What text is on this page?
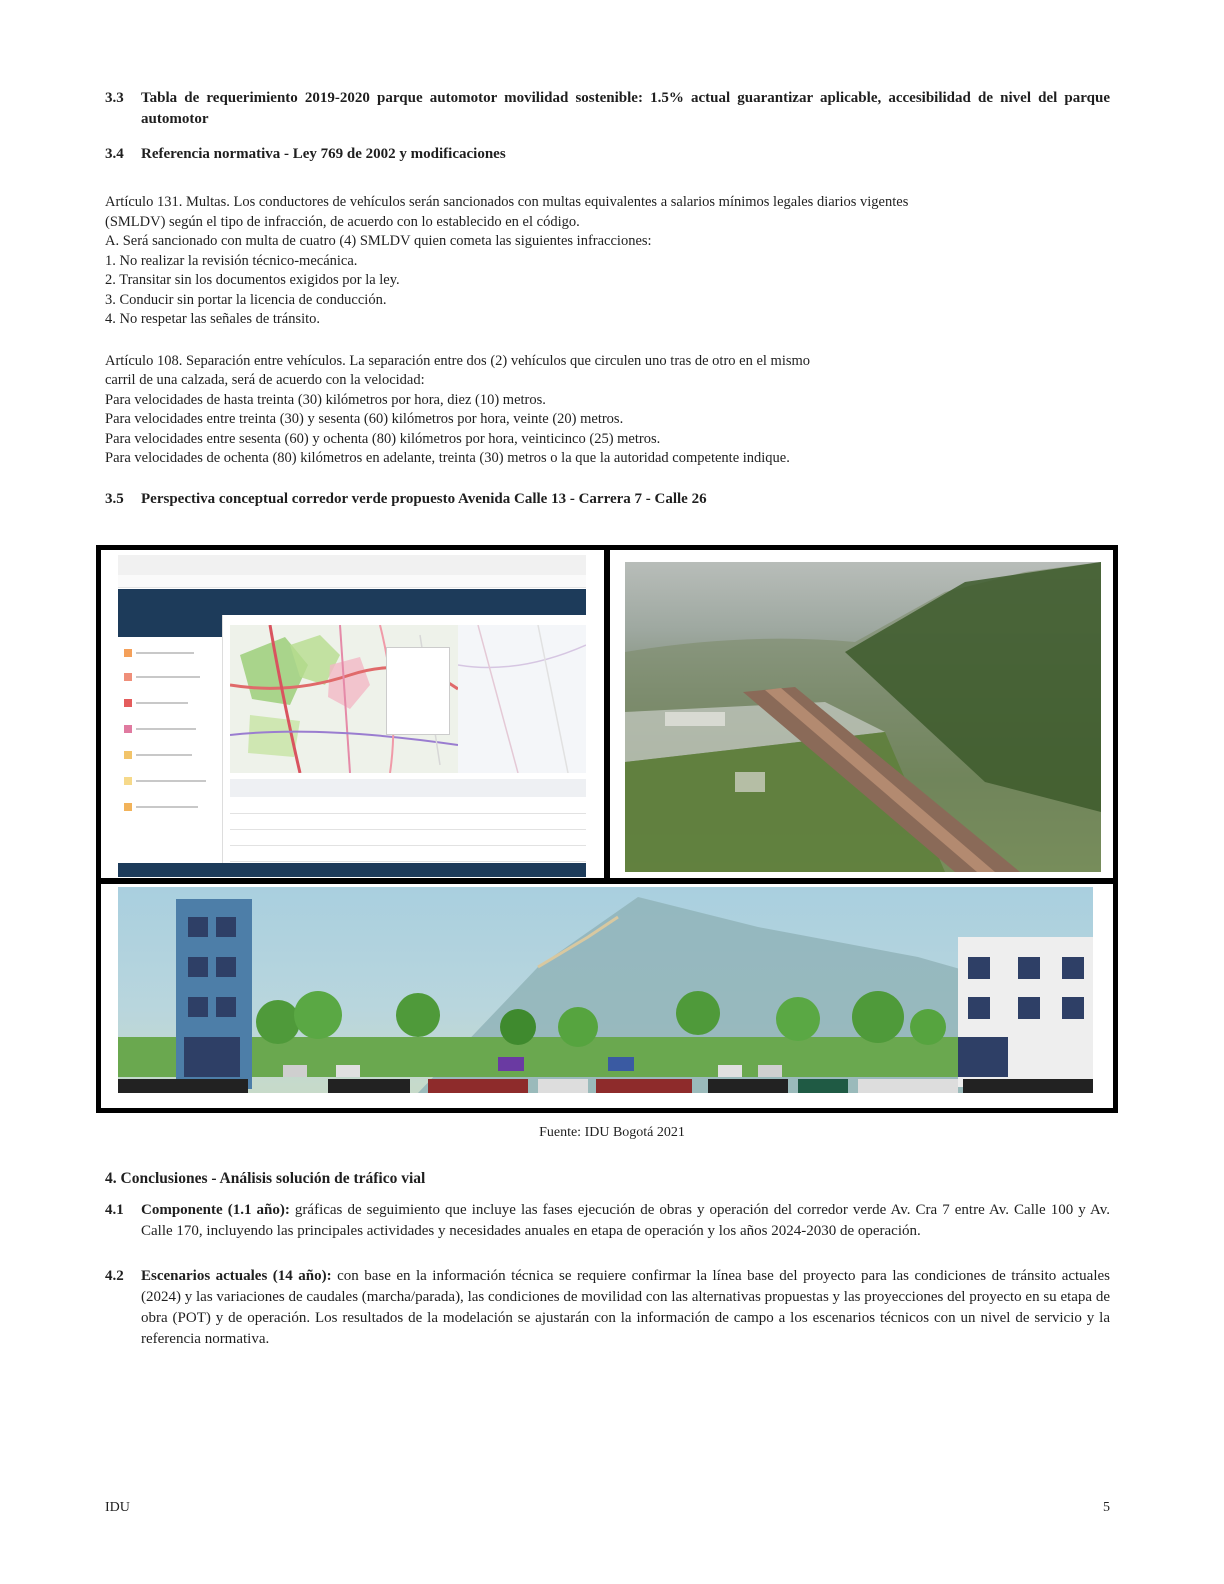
3.3	Tabla de requerimiento 2019-2020 parque automotor movilidad sostenible: 1.5% actual guarantizar aplicable, accesibilidad de nivel del parque automotor
3.4	Referencia normativa - Ley 769 de 2002 y modificaciones
Artículo 131. Multas. Los conductores de vehículos serán sancionados con multas equivalentes a salarios mínimos legales diarios vigentes
(SMLDV) según el tipo de infracción, de acuerdo con lo establecido en el código.
A. Será sancionado con multa de cuatro (4) SMLDV quien cometa las siguientes infracciones:
1. No realizar la revisión técnico-mecánica.
2. Transitar sin los documentos exigidos por la ley.
3. Conducir sin portar la licencia de conducción.
4. No respetar las señales de tránsito.
Artículo 108. Separación entre vehículos. La separación entre dos (2) vehículos que circulen uno tras de otro en el mismo
carril de una calzada, será de acuerdo con la velocidad:
Para velocidades de hasta treinta (30) kilómetros por hora, diez (10) metros.
Para velocidades entre treinta (30) y sesenta (60) kilómetros por hora, veinte (20) metros.
Para velocidades entre sesenta (60) y ochenta (80) kilómetros por hora, veinticinco (25) metros.
Para velocidades de ochenta (80) kilómetros en adelante, treinta (30) metros o la que la autoridad competente indique.
3.5	Perspectiva conceptual corredor verde propuesto Avenida Calle 13 - Carrera 7 - Calle 26
Fuente: IDU Bogotá 2021
4. Conclusiones - Análisis solución de tráfico vial
4.1	Componente (1.1 año): gráficas de seguimiento que incluye las fases ejecución de obras y operación del corredor verde Av. Cra 7 entre Av. Calle 100 y Av. Calle 170, incluyendo las principales actividades y necesidades anuales en etapa de operación y los años 2024-2030 de operación.
4.2	Escenarios actuales (14 año): con base en la información técnica se requiere confirmar la línea base del proyecto para las condiciones de tránsito actuales (2024) y las variaciones de caudales (marcha/parada), las condiciones de movilidad con las alternativas propuestas y las proyecciones del proyecto en su etapa de obra (POT) y de operación. Los resultados de la modelación se ajustarán con la información de campo a los escenarios técnicos con un nivel de servicio y la referencia normativa.
IDU	5
